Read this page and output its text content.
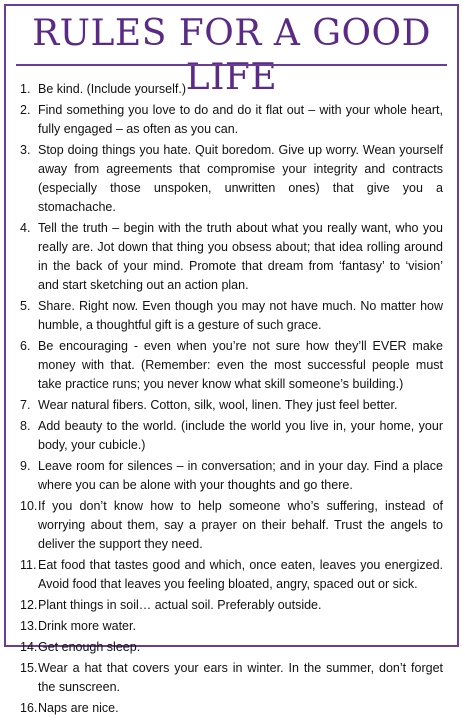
RULES FOR A GOOD LIFE
1. Be kind. (Include yourself.)
2. Find something you love to do and do it flat out – with your whole heart, fully engaged – as often as you can.
3. Stop doing things you hate. Quit boredom. Give up worry. Wean yourself away from agreements that compromise your integrity and contracts (especially those unspoken, unwritten ones) that give you a stomachache.
4. Tell the truth – begin with the truth about what you really want, who you really are. Jot down that thing you obsess about; that idea rolling around in the back of your mind. Promote that dream from ‘fantasy’ to ‘vision’ and start sketching out an action plan.
5. Share. Right now. Even though you may not have much. No matter how humble, a thoughtful gift is a gesture of such grace.
6. Be encouraging - even when you’re not sure how they’ll EVER make money with that. (Remember: even the most successful people must take practice runs; you never know what skill someone’s building.)
7. Wear natural fibers. Cotton, silk, wool, linen. They just feel better.
8. Add beauty to the world. (include the world you live in, your home, your body, your cubicle.)
9. Leave room for silences – in conversation; and in your day. Find a place where you can be alone with your thoughts and go there.
10. If you don’t know how to help someone who’s suffering, instead of worrying about them, say a prayer on their behalf. Trust the angels to deliver the support they need.
11. Eat food that tastes good and which, once eaten, leaves you energized. Avoid food that leaves you feeling bloated, angry, spaced out or sick.
12. Plant things in soil… actual soil. Preferably outside.
13. Drink more water.
14. Get enough sleep.
15. Wear a hat that covers your ears in winter. In the summer, don’t forget the sunscreen.
16. Naps are nice.
